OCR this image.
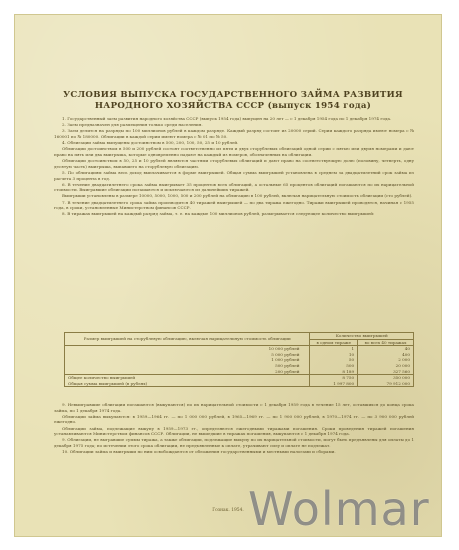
УСЛОВИЯ ВЫПУСКА ГОСУДАРСТВЕННОГО ЗАЙМА РАЗВИТИЯ
НАРОДНОГО ХОЗЯЙСТВА СССР (выпуск 1954 года)

1. Государственный заем развития народного хозяйства СССР (выпуск 1954 года) выпущен на 20 лет — с 1 декабря 1954 года по 1 декабря 1974 года.

2. Заем предназначен для размещения только среди населения.

3. Заем делится на разряды по 100 миллионов рублей в каждом разряде. Каждый разряд состоит из 20000 серий. Серии каждого разряда имеют номера с № 160001 по № 180000. Облигации в каждой серии имеют номера с № 01 по № 50.

4. Облигации займа выпущены достоинством в 500, 200, 100, 50, 25 и 10 рублей.

Облигации достоинством в 500 и 200 рублей состоят соответственно из пяти и двух сторублевых облигаций одной серии с пятью или двумя номерами и дают право на пять или два выигрыша, которые одновременно падают на каждый из номеров, обозначенных на облигации.

Облигации достоинством в 50, 25 и 10 рублей являются частями сторублевых облигаций и дают право на соответствующую долю (половину, четверть, одну десятую часть) выигрыша, выпавшего на сторублевую облигацию.

5. По облигациям займа весь доход выплачивается в форме выигрышей. Общая сумма выигрышей установлена в среднем за двадцатилетний срок займа из расчета 3 процента в год.

6. В течение двадцатилетнего срока займа выигрывает 35 процентов всех облигаций, а остальные 65 процентов облигаций погашаются по их нарицательной стоимости. Выигравшие облигации погашаются и исключаются из дальнейших тиражей.

Выигрыши установлены в размере 10000, 5000, 1000, 500 и 200 рублей на облигацию в 100 рублей, включая нарицательную стоимость облигации (сто рублей).

7. В течение двадцатилетнего срока займа производится 40 тиражей выигрышей — по два тиража ежегодно. Тиражи выигрышей проводятся, начиная с 1955 года, в сроки, установленные Министерством финансов СССР.

8. В тиражах выигрышей на каждый разряд займа, т. е. на каждые 100 миллионов рублей, разыгрывается следующее количество выигрышей:

Размер выигрышей на сторублевую облигацию, включая нарицательную стоимость облигации	Количество выигрышей	
	в одном тираже	во всех 40 тиражах
10 000 рублей	1	40
5 000 рублей	10	400
1 000 рублей	50	2 000
500 рублей	500	20 000
200 рублей	8 189	327 560
Общее количество выигрышей	8 750	350 000
Общая сумма выигрышей (в рублях)	1 997 800	79 912 000

9. Невыигравшие облигации погашаются (выкупаются) по их нарицательной стоимости с 1 декабря 1959 года в течение 15 лет, оставшихся до конца срока займа, по 1 декабря 1974 года.

Облигации займа выкупаются: в 1959—1964 гг. — по 1 000 000 рублей, в 1965—1969 гг. — по 1 900 000 рублей, в 1970—1974 гг. — по 3 900 000 рублей ежегодно.

Облигации займа, подлежащие выкупу в 1959—1973 гг., определяются ежегодными тиражами погашения. Сроки проведения тиражей погашения устанавливаются Министерством финансов СССР. Облигации, не вышедшие в тиражах погашения, выкупаются с 1 декабря 1974 года.

9. Облигации, не выгравшие суммы тиража, а также облигации, подлежащие выкупу по их нарицательной стоимости, могут быть предъявлены для оплаты до 1 декабря 1975 года; по истечении этого срока облигации, не предъявленные к оплате, утрачивают силу и оплате не подлежат.

10. Облигации займа и выигрыши по ним освобождаются от обложения государственными и местными налогами и сборами.

Гознак. 1954. Wolmar
